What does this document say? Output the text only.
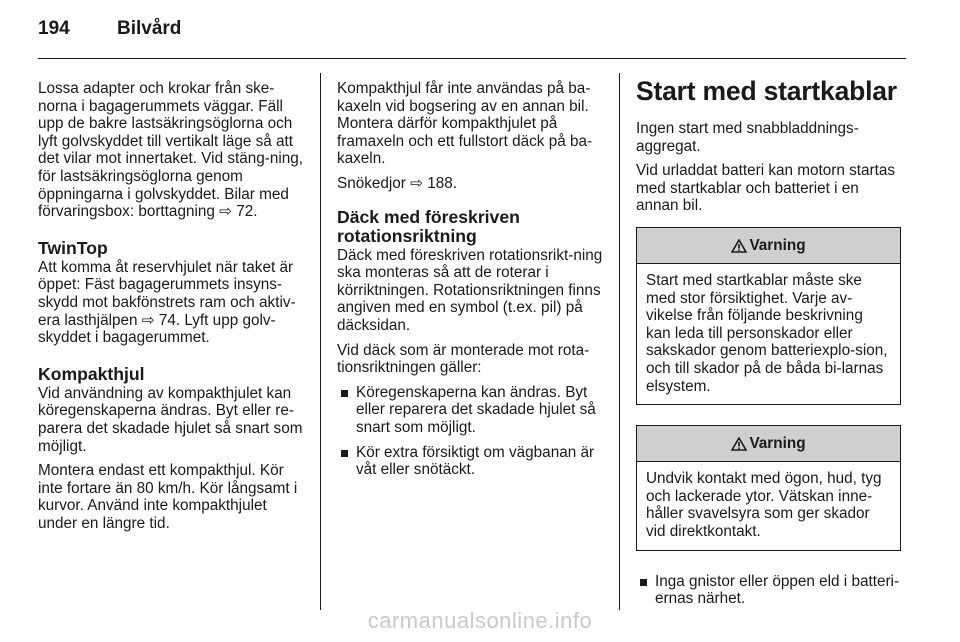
194 Bilvård

Lossa adapter och krokar från ske-norna i bagagerummets väggar. Fäll upp de bakre lastsäkringsöglorna och lyft golvskyddet till vertikalt läge så att det vilar mot innertaket. Vid stäng-ning, för lastsäkringsöglorna genom öppningarna i golvskyddet. Bilar med förvaringsbox: borttagning ⇨ 72.

TwinTop

Att komma åt reservhjulet när taket är öppet: Fäst bagagerummets insyns-skydd mot bakfönstrets ram och aktiv-era lasthjälpen ⇨ 74. Lyft upp golv-skyddet i bagagerummet.

Kompakthjul

Vid användning av kompakthjulet kan köregenskaperna ändras. Byt eller re-parera det skadade hjulet så snart som möjligt.

Montera endast ett kompakthjul. Kör inte fortare än 80 km/h. Kör långsamt i kurvor. Använd inte kompakthjulet under en längre tid.

Kompakthjul får inte användas på ba-kaxeln vid bogsering av en annan bil. Montera därför kompakthjulet på framaxeln och ett fullstort däck på ba-kaxeln.

Snökedjor ⇨ 188.

Däck med föreskriven rotationsriktning

Däck med föreskriven rotationsrikt-ning ska monteras så att de roterar i körriktningen. Rotationsriktningen finns angiven med en symbol (t.ex. pil) på däcksidan.

Vid däck som är monterade mot rota-tionsriktningen gäller:

Köregenskaperna kan ändras. Byt eller reparera det skadade hjulet så snart som möjligt.
Kör extra försiktigt om vägbanan är våt eller snötäckt.
Start med startkablar

Ingen start med snabbladdnings-aggregat.

Vid urladdat batteri kan motorn startas med startkablar och batteriet i en annan bil.

Varning
Start med startkablar måste ske med stor försiktighet. Varje av-vikelse från följande beskrivning kan leda till personskador eller sakskador genom batteriexplo-sion, och till skador på de båda bi-larnas elsystem.
Varning
Undvik kontakt med ögon, hud, tyg och lackerade ytor. Vätskan inne-håller svavelsyra som ger skador vid direktkontakt.
Inga gnistor eller öppen eld i batteri-ernas närhet.
carmanualsonline.info
